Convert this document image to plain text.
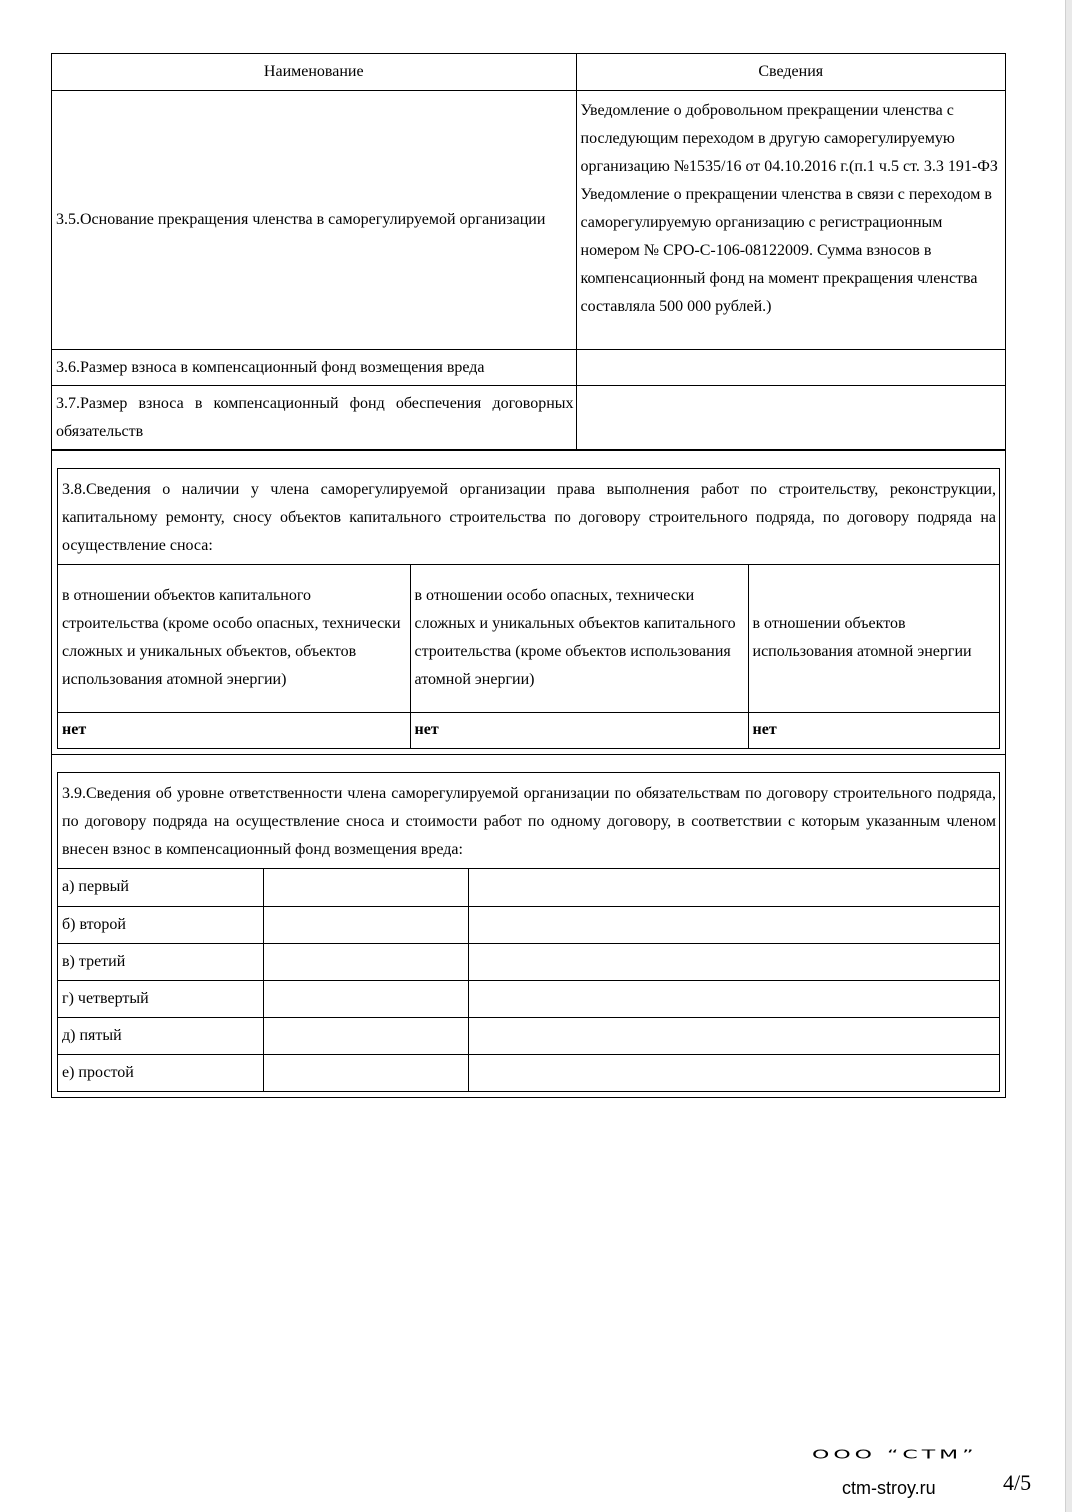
Наименование	Сведения

3.5.Основание прекращения членства в саморегулируемой организации	Уведомление о добровольном прекращении членства с последующим переходом в другую саморегулируемую организацию №1535/16 от 04.10.2016 г.(п.1 ч.5 ст. 3.3 191-ФЗ Уведомление о прекращении членства в связи с переходом в саморегулируемую организацию с регистрационным номером № СРО-С-106-08122009. Сумма взносов в компенсационный фонд на момент прекращения членства составляла 500 000 рублей.)
3.6.Размер взноса в компенсационный фонд возмещения вреда	
3.7.Размер взноса в компенсационный фонд обеспечения договорных обязательств	
3.8.Сведения о наличии у члена саморегулируемой организации права выполнения работ по строительству, реконструкции, капитальному ремонту, сносу объектов капитального строительства по договору строительного подряда, по договору подряда на осуществление сноса:
в отношении объектов капитального строительства (кроме особо опасных, технически сложных и уникальных объектов, объектов использования атомной энергии)	в отношении особо опасных, технически сложных и уникальных объектов капитального строительства (кроме объектов использования атомной энергии)	в отношении объектов использования атомной энергии
нет	нет	нет
3.9.Сведения об уровне ответственности члена саморегулируемой организации по обязательствам по договору строительного подряда, по договору подряда на осуществление сноса и стоимости работ по одному договору, в соответствии с которым указанным членом внесен взнос в компенсационный фонд возмещения вреда:
а) первый		
б) второй		
в) третий		
г) четвертый		
д) пятый		
е) простой		
ООО “СТМ”
ctm-stroy.ru	4/5
